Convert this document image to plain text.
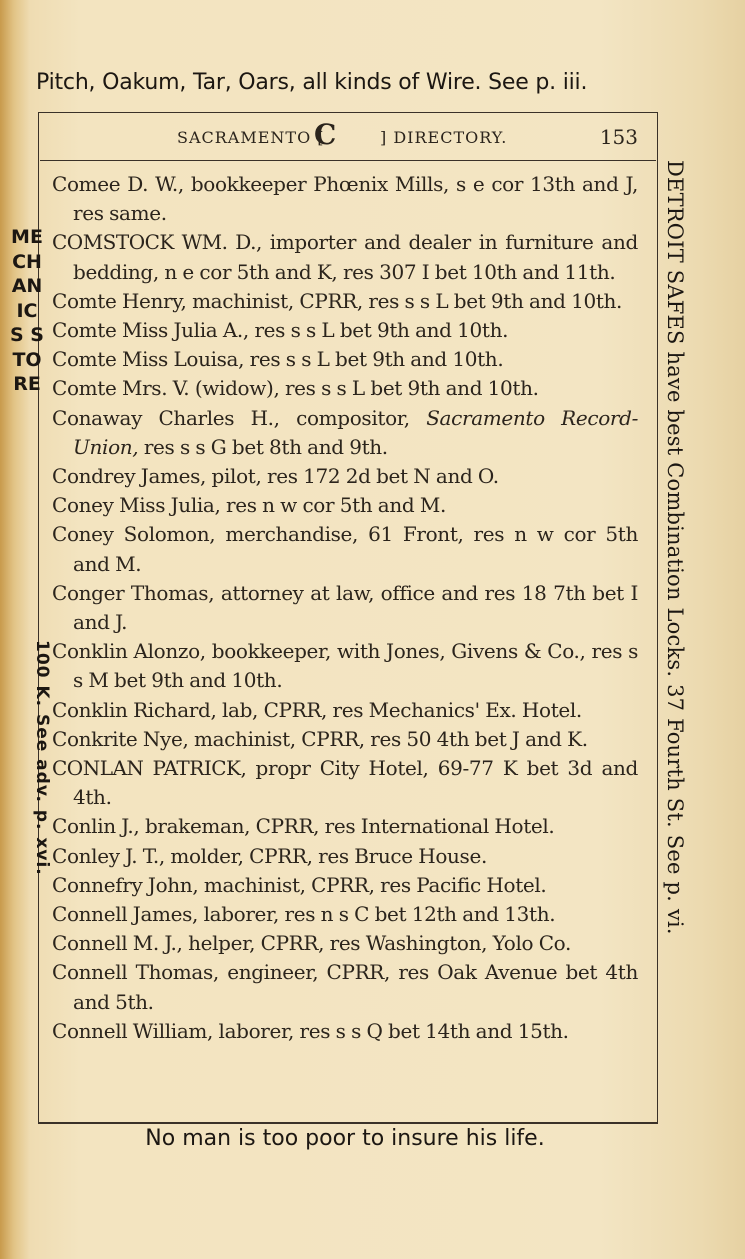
Pitch, Oakum, Tar, Oars, all kinds of Wire. See p. iii.
SACRAMENTO [
C	] DIRECTORY.	153
Comee D. W., bookkeeper Phœnix Mills, s e cor 13th and J, res same.
COMSTOCK WM. D., importer and dealer in furniture and bedding, n e cor 5th and K, res 307 I bet 10th and 11th.
Comte Henry, machinist, CPRR, res s s L bet 9th and 10th.
Comte Miss Julia A., res s s L bet 9th and 10th.
Comte Miss Louisa, res s s L bet 9th and 10th.
Comte Mrs. V. (widow), res s s L bet 9th and 10th.
Conaway Charles H., compositor, Sacramento Record-Union, res s s G bet 8th and 9th.
Condrey James, pilot, res 172 2d bet N and O.
Coney Miss Julia, res n w cor 5th and M.
Coney Solomon, merchandise, 61 Front, res n w cor 5th and M.
Conger Thomas, attorney at law, office and res 18 7th bet I and J.
Conklin Alonzo, bookkeeper, with Jones, Givens & Co., res s s M bet 9th and 10th.
Conklin Richard, lab, CPRR, res Mechanics' Ex. Hotel.
Conkrite Nye, machinist, CPRR, res 50 4th bet J and K.
CONLAN PATRICK, propr City Hotel, 69-77 K bet 3d and 4th.
Conlin J., brakeman, CPRR, res International Hotel.
Conley J. T., molder, CPRR, res Bruce House.
Connefry John, machinist, CPRR, res Pacific Hotel.
Connell James, laborer, res n s C bet 12th and 13th.
Connell M. J., helper, CPRR, res Washington, Yolo Co.
Connell Thomas, engineer, CPRR, res Oak Avenue bet 4th and 5th.
Connell William, laborer, res s s Q bet 14th and 15th.
No man is too poor to insure his life.
MECHANICS STORE
100 K. See adv. p. xvi.	DETROIT SAFES have best Combination Locks. 37 Fourth St. See p. vi.
